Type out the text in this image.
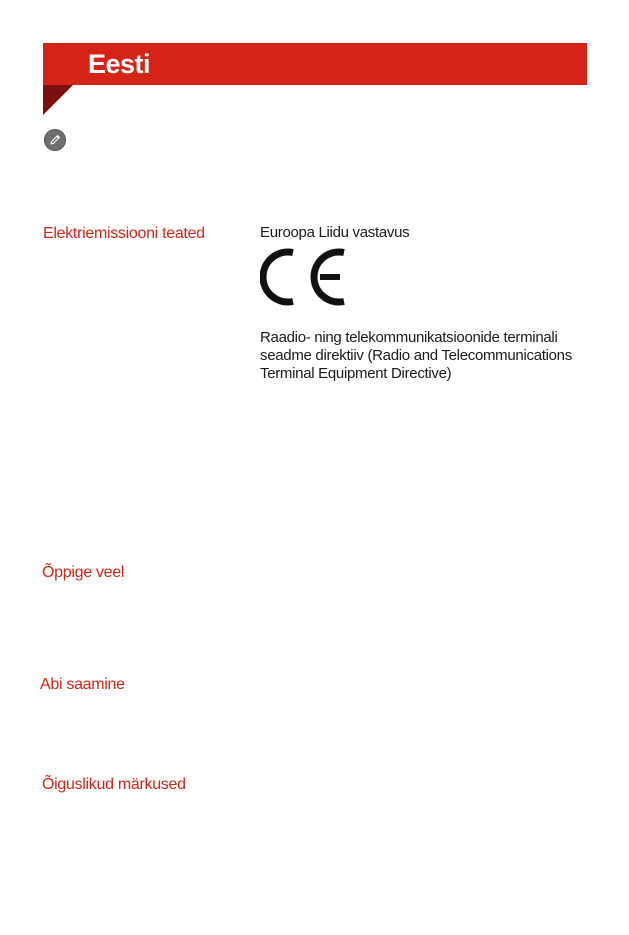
Eesti
Elektriemissiooni teated	Euroopa Liidu vastavus
Raadio- ning telekommunikatsioonide terminali seadme direktiiv (Radio and Telecommunications Terminal Equipment Directive)
Õppige veel
Abi saamine
Õiguslikud märkused
